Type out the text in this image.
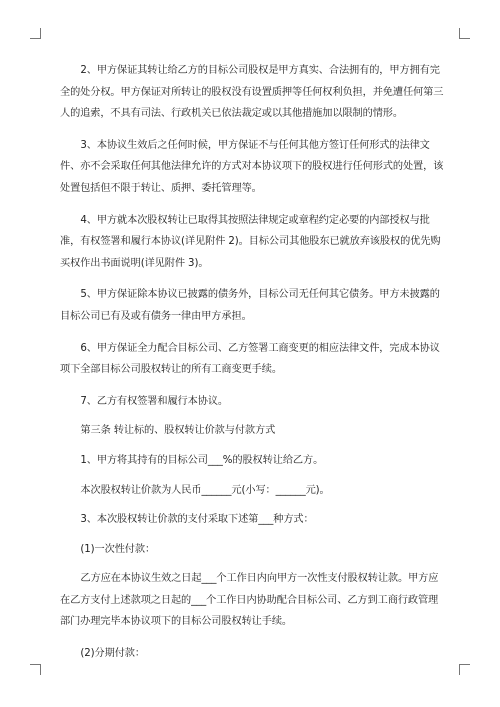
2、甲方保证其转让给乙方的目标公司股权是甲方真实、合法拥有的，甲方拥有完全的处分权。甲方保证对所转让的股权没有设置质押等任何权利负担，并免遭任何第三人的追索，不具有司法、行政机关已依法裁定或以其他措施加以限制的情形。

3、本协议生效后之任何时候，甲方保证不与任何其他方签订任何形式的法律文件、亦不会采取任何其他法律允许的方式对本协议项下的股权进行任何形式的处置，该处置包括但不限于转让、质押、委托管理等。

4、甲方就本次股权转让已取得其按照法律规定或章程约定必要的内部授权与批准，有权签署和履行本协议(详见附件 2)。目标公司其他股东已就放弃该股权的优先购买权作出书面说明(详见附件 3)。

5、甲方保证除本协议已披露的债务外，目标公司无任何其它债务。甲方未披露的目标公司已有及或有债务一律由甲方承担。

6、甲方保证全力配合目标公司、乙方签署工商变更的相应法律文件，完成本协议项下全部目标公司股权转让的所有工商变更手续。

7、乙方有权签署和履行本协议。

第三条 转让标的、股权转让价款与付款方式

1、甲方将其持有的目标公司___%的股权转让给乙方。

本次股权转让价款为人民币______元(小写：______元)。

3、本次股权转让价款的支付采取下述第___种方式：

(1)一次性付款：

乙方应在本协议生效之日起___个工作日内向甲方一次性支付股权转让款。甲方应在乙方支付上述款项之日起的___个工作日内协助配合目标公司、乙方到工商行政管理部门办理完毕本协议项下的目标公司股权转让手续。

(2)分期付款：
